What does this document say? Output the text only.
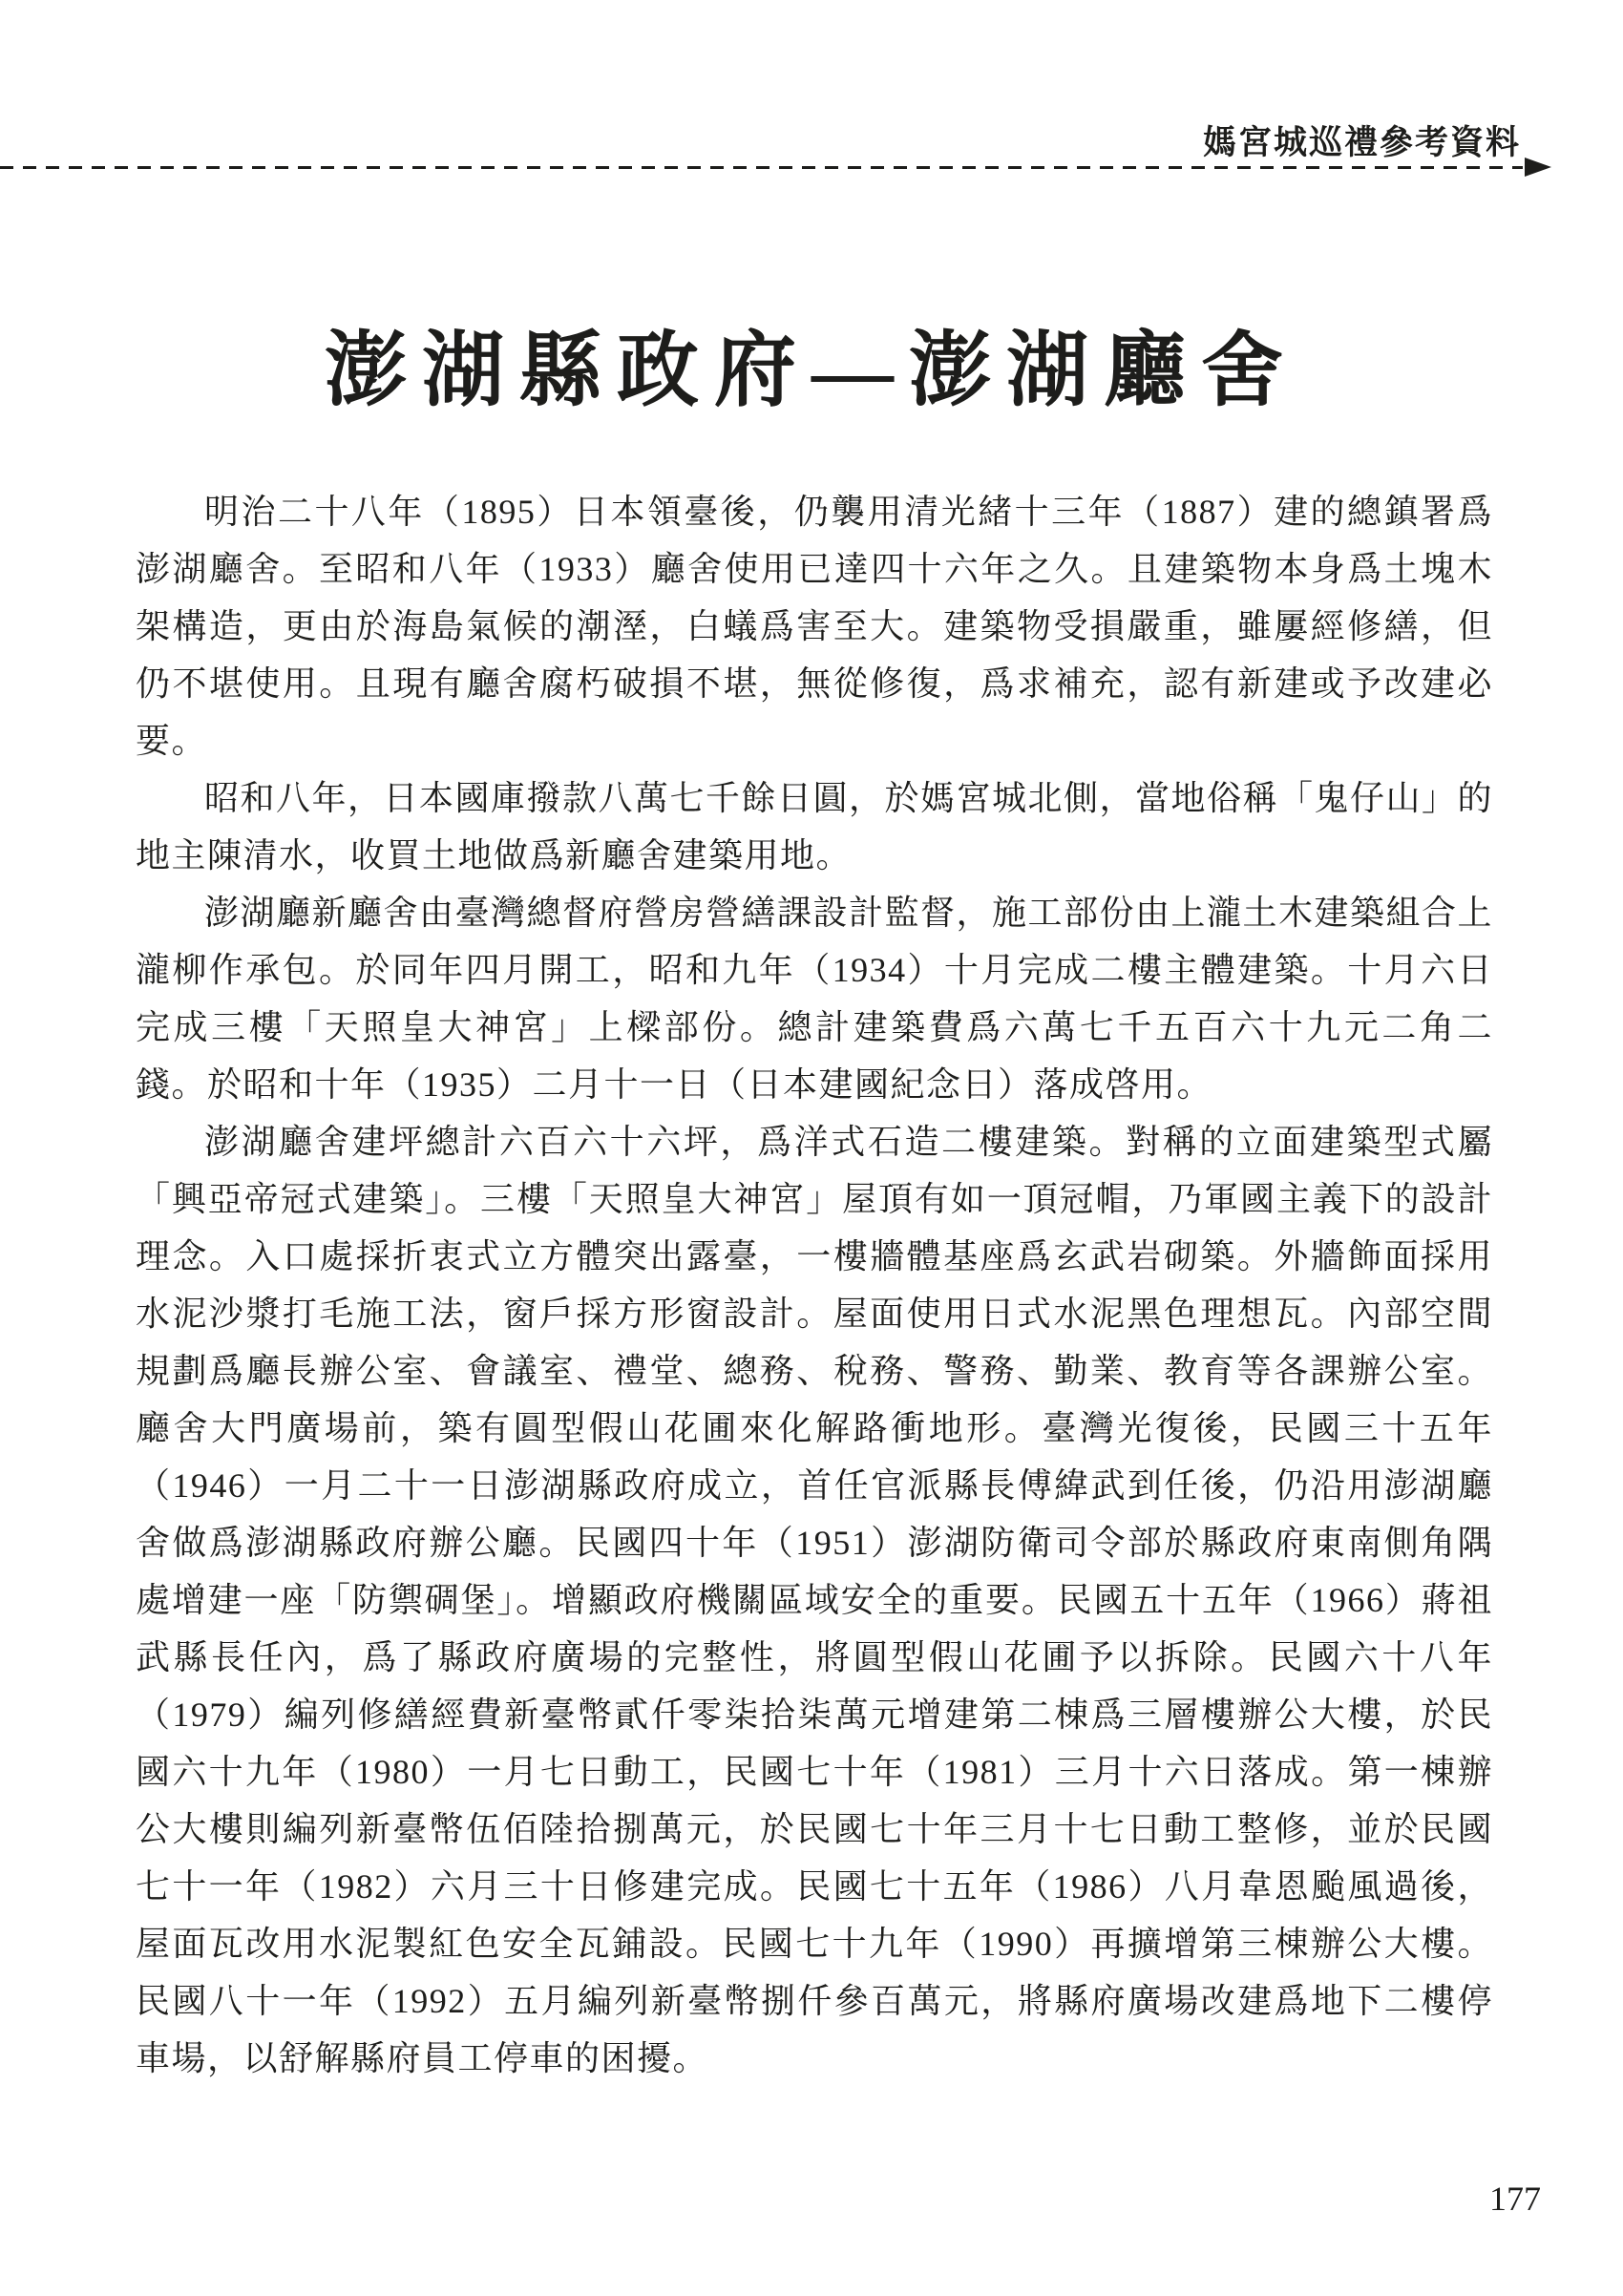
媽宮城巡禮參考資料
澎湖縣政府—澎湖廳舍

明治二十八年（1895）日本領臺後，仍襲用清光緒十三年（1887）建的總鎮署爲澎湖廳舍。至昭和八年（1933）廳舍使用已達四十六年之久。且建築物本身爲土塊木架構造，更由於海島氣候的潮溼，白蟻爲害至大。建築物受損嚴重，雖屢經修繕，但仍不堪使用。且現有廳舍腐朽破損不堪，無從修復，爲求補充，認有新建或予改建必要。

昭和八年，日本國庫撥款八萬七千餘日圓，於媽宮城北側，當地俗稱「鬼仔山」的地主陳清水，收買土地做爲新廳舍建築用地。

澎湖廳新廳舍由臺灣總督府營房營繕課設計監督，施工部份由上瀧土木建築組合上瀧柳作承包。於同年四月開工，昭和九年（1934）十月完成二樓主體建築。十月六日完成三樓「天照皇大神宮」上樑部份。總計建築費爲六萬七千五百六十九元二角二錢。於昭和十年（1935）二月十一日（日本建國紀念日）落成啓用。

澎湖廳舍建坪總計六百六十六坪，爲洋式石造二樓建築。對稱的立面建築型式屬「興亞帝冠式建築」。三樓「天照皇大神宮」屋頂有如一頂冠帽，乃軍國主義下的設計理念。入口處採折衷式立方體突出露臺，一樓牆體基座爲玄武岩砌築。外牆飾面採用水泥沙漿打毛施工法，窗戶採方形窗設計。屋面使用日式水泥黑色理想瓦。內部空間規劃爲廳長辦公室、會議室、禮堂、總務、稅務、警務、勤業、教育等各課辦公室。廳舍大門廣場前，築有圓型假山花圃來化解路衝地形。臺灣光復後，民國三十五年（1946）一月二十一日澎湖縣政府成立，首任官派縣長傅緯武到任後，仍沿用澎湖廳舍做爲澎湖縣政府辦公廳。民國四十年（1951）澎湖防衛司令部於縣政府東南側角隅處增建一座「防禦碉堡」。增顯政府機關區域安全的重要。民國五十五年（1966）蔣祖武縣長任內，爲了縣政府廣場的完整性，將圓型假山花圃予以拆除。民國六十八年（1979）編列修繕經費新臺幣貳仟零柒拾柒萬元增建第二棟爲三層樓辦公大樓，於民國六十九年（1980）一月七日動工，民國七十年（1981）三月十六日落成。第一棟辦公大樓則編列新臺幣伍佰陸拾捌萬元，於民國七十年三月十七日動工整修，並於民國七十一年（1982）六月三十日修建完成。民國七十五年（1986）八月韋恩颱風過後，屋面瓦改用水泥製紅色安全瓦鋪設。民國七十九年（1990）再擴增第三棟辦公大樓。民國八十一年（1992）五月編列新臺幣捌仟參百萬元，將縣府廣場改建爲地下二樓停車場，以舒解縣府員工停車的困擾。

177
